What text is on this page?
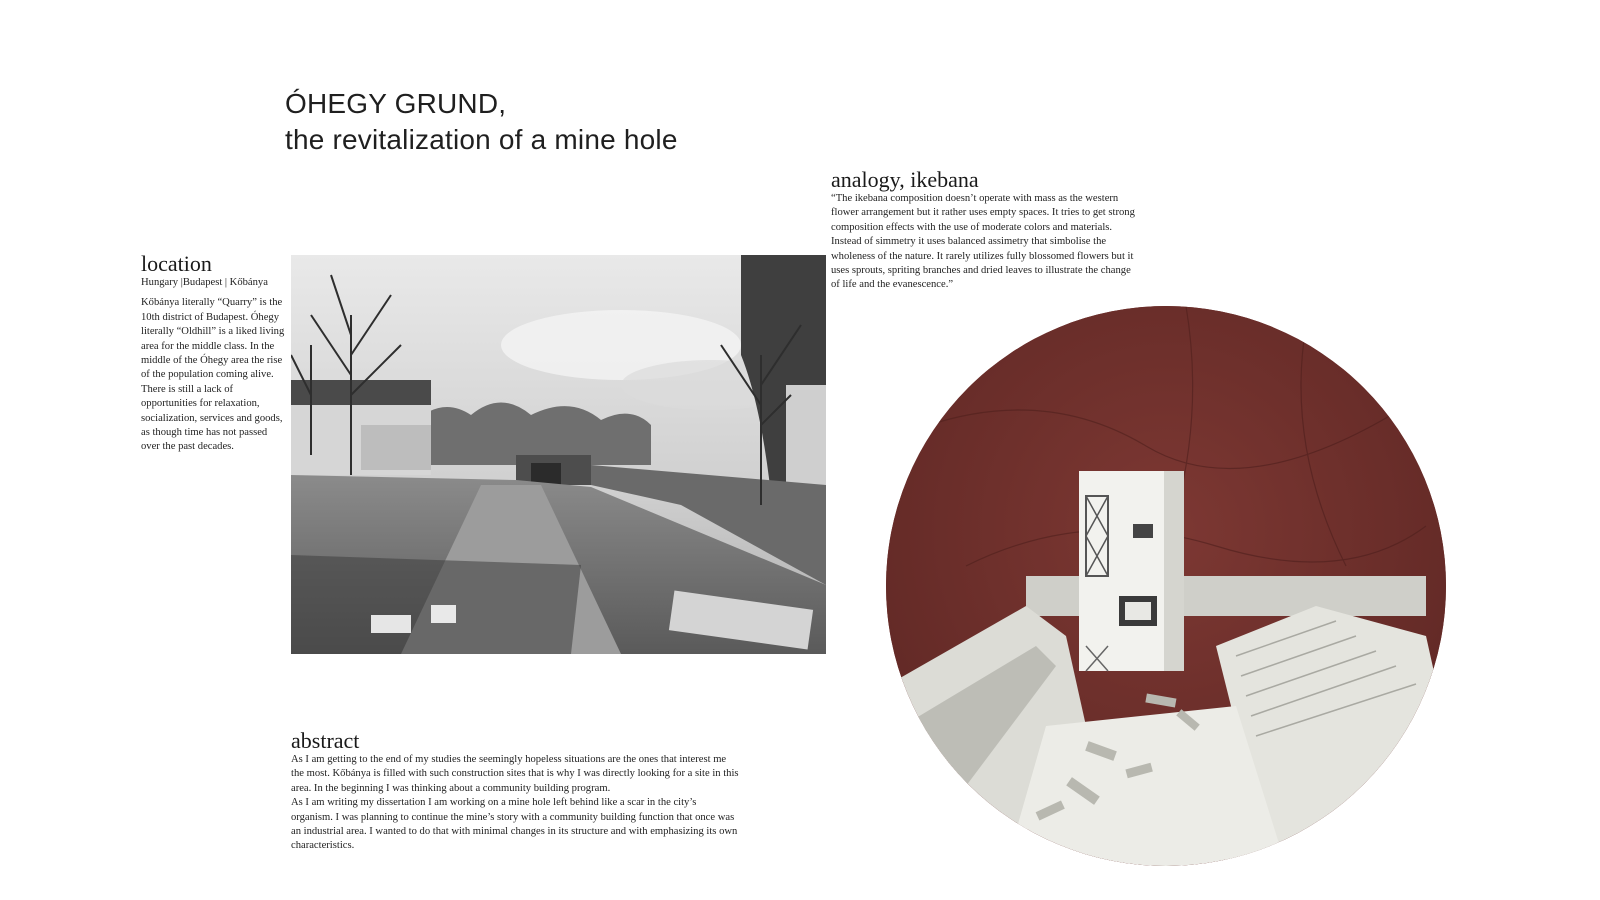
ÓHEGY GRUND,
the revitalization of a mine hole
location
Hungary |Budapest | Kőbánya
Kőbánya literally “Quarry” is the 10th district of Budapest. Óhegy literally “Oldhill” is a liked living area for the middle class. In the middle of the Óhegy area the rise of the population coming alive. There is still a lack of opportunities for relaxation, socialization, services and goods, as though time has not passed over the past decades.
analogy, ikebana
“The ikebana composition doesn’t operate with mass as the western flower arrangement but it rather uses empty spaces. It tries to get strong composition effects with the use of moderate colors and materials. Instead of simmetry it uses balanced assimetry that simbolise the wholeness of the nature. It rarely utilizes fully blossomed flowers but it uses sprouts, spriting branches and dried leaves to illustrate the change of life and the evanescence.”
abstract

As I am getting to the end of my studies the seemingly hopeless situations are the ones that interest me the most. Kőbánya is filled with such construction sites that is why I was directly looking for a site in this area. In the beginning I was thinking about a community building program.

As I am writing my dissertation I am working on a mine hole left behind like a scar in the city’s organism. I was planning to continue the mine’s story with a community building function that once was an industrial area. I wanted to do that with minimal changes in its structure and with emphasizing its own characteristics.
